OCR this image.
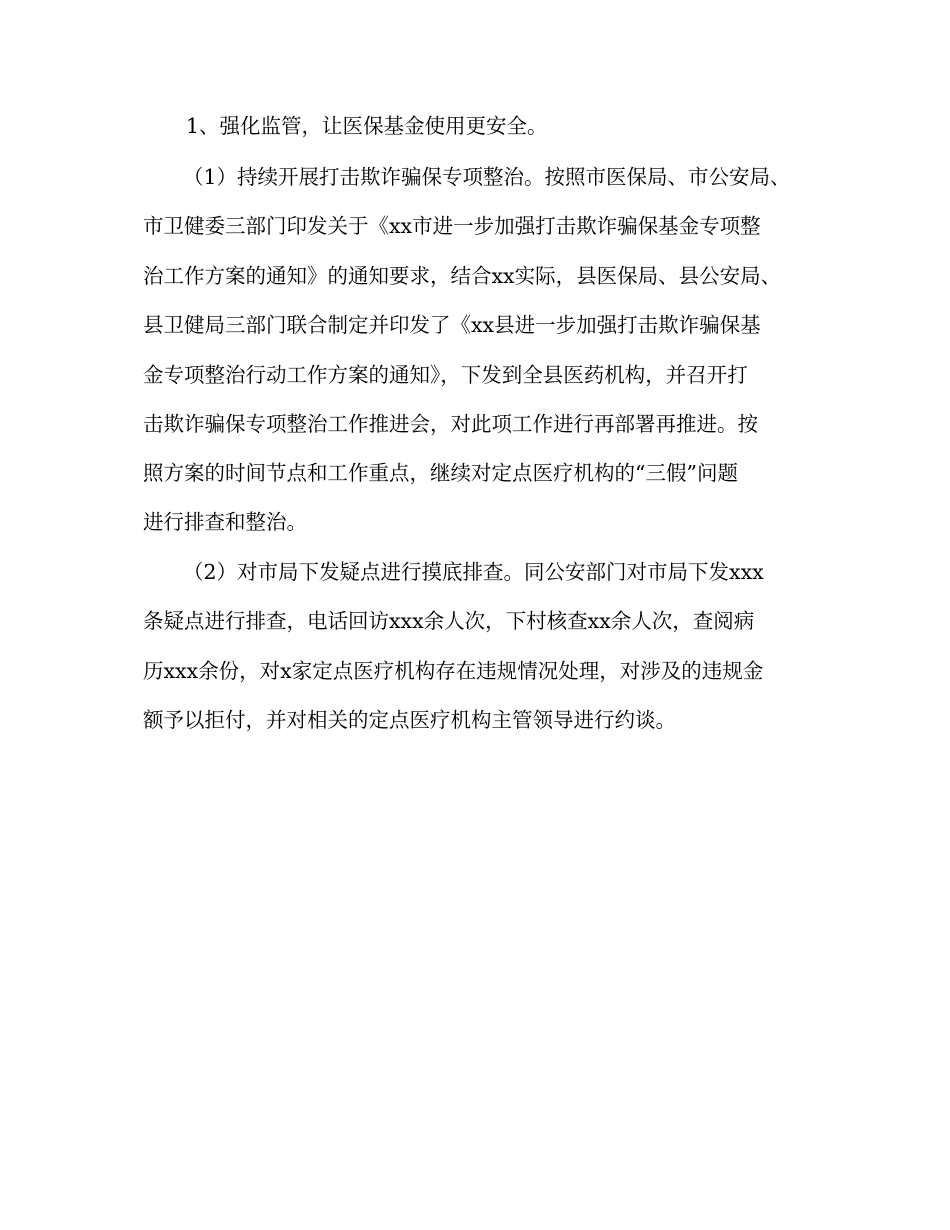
1、强化监管，让医保基金使用更安全。
（1）持续开展打击欺诈骗保专项整治。按照市医保局、市公安局、
市卫健委三部门印发关于《xx市进一步加强打击欺诈骗保基金专项整
治工作方案的通知》的通知要求，结合xx实际，县医保局、县公安局、
县卫健局三部门联合制定并印发了《xx县进一步加强打击欺诈骗保基
金专项整治行动工作方案的通知》，下发到全县医药机构，并召开打
击欺诈骗保专项整治工作推进会，对此项工作进行再部署再推进。按
照方案的时间节点和工作重点，继续对定点医疗机构的“三假”问题
进行排查和整治。
（2）对市局下发疑点进行摸底排查。同公安部门对市局下发xxx
条疑点进行排查，电话回访xxx余人次，下村核查xx余人次，查阅病
历xxx余份，对x家定点医疗机构存在违规情况处理，对涉及的违规金
额予以拒付，并对相关的定点医疗机构主管领导进行约谈。
